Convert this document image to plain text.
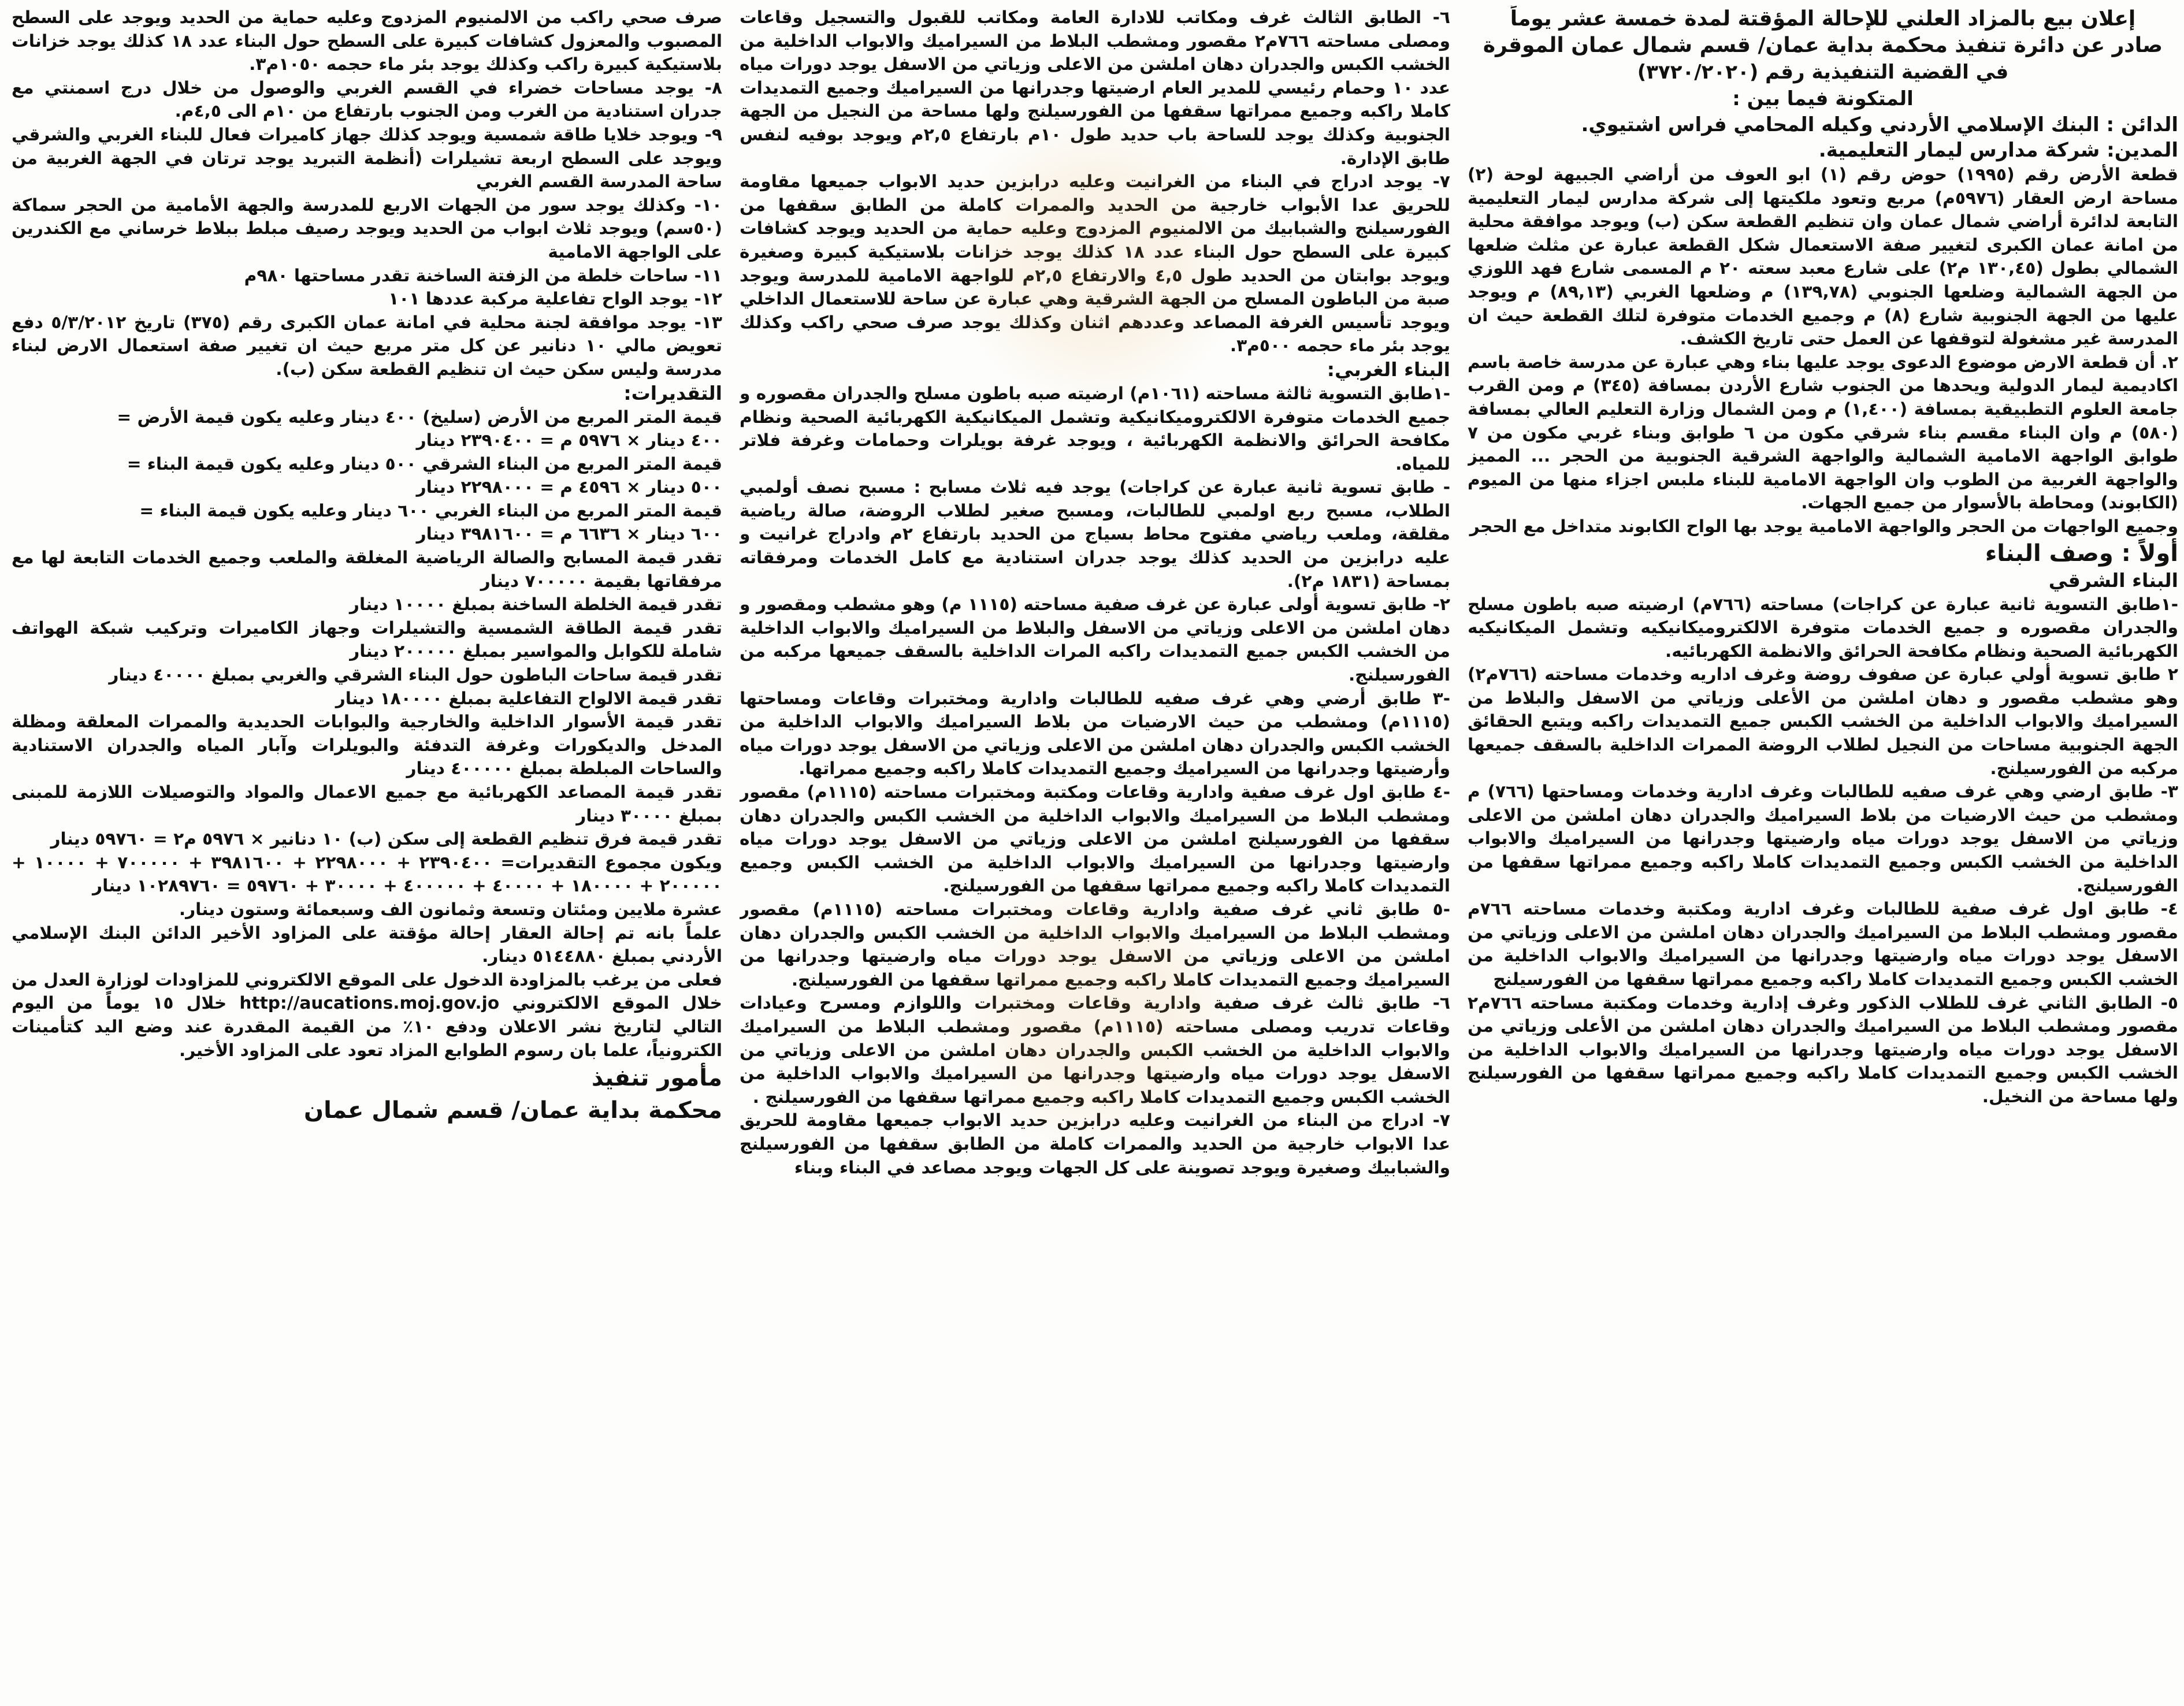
إعلان بيع بالمزاد العلني للإحالة المؤقتة لمدة خمسة عشر يوماً

صادر عن دائرة تنفيذ محكمة بداية عمان/ قسم شمال عمان الموقرة

في القضية التنفيذية رقم (٣٧٢٠/٢٠٢٠)

المتكونة فيما بين :

الدائن : البنك الإسلامي الأردني وكيله المحامي فراس اشتيوي.

المدين: شركة مدارس ليمار التعليمية.

قطعة الأرض رقم (١٩٩٥) حوض رقم (١) ابو العوف من أراضي الجبيهة لوحة (٢) مساحة ارض العقار (٥٩٧٦م) مربع وتعود ملكيتها إلى شركة مدارس ليمار التعليمية التابعة لدائرة أراضي شمال عمان وان تنظيم القطعة سكن (ب) ويوجد موافقة محلية من امانة عمان الكبرى لتغيير صفة الاستعمال شكل القطعة عبارة عن مثلث ضلعها الشمالي بطول (١٣٠,٤٥ م٢) على شارع معبد سعته ٢٠ م المسمى شارع فهد اللوزي من الجهة الشمالية وضلعها الجنوبي (١٣٩,٧٨) م وضلعها الغربي (٨٩,١٣) م ويوجد عليها من الجهة الجنوبية شارع (٨) م وجميع الخدمات متوفرة لتلك القطعة حيث ان المدرسة غير مشغولة لتوقفها عن العمل حتى تاريخ الكشف.

٢. أن قطعة الارض موضوع الدعوى يوجد عليها بناء وهي عبارة عن مدرسة خاصة باسم اكاديمية ليمار الدولية ويحدها من الجنوب شارع الأردن بمسافة (٣٤٥) م ومن القرب جامعة العلوم التطبيقية بمسافة (١,٤٠٠) م ومن الشمال وزارة التعليم العالي بمسافة (٥٨٠) م وان البناء مقسم بناء شرقي مكون من ٦ طوابق وبناء غربي مكون من ٧ طوابق الواجهة الامامية الشمالية والواجهة الشرقية الجنوبية من الحجر ... المميز والواجهة الغربية من الطوب وان الواجهة الامامية للبناء ملبس اجزاء منها من الميوم (الكابوند) ومحاطة بالأسوار من جميع الجهات.

وجميع الواجهات من الحجر والواجهة الامامية يوجد بها الواح الكابوند متداخل مع الحجر

أولاً : وصف البناء

البناء الشرقي

-١طابق التسوية ثانية عبارة عن كراجات) مساحته (٧٦٦م) ارضيته صبه باطون مسلح والجدران مقصوره و جميع الخدمات متوفرة الالكتروميكانيكيه وتشمل الميكانيكيه الكهربائية الصحية ونظام مكافحة الحرائق والانظمة الكهربائيه.

٢ طابق تسوية أولي عبارة عن صفوف روضة وغرف اداريه وخدمات مساحته (٧٦٦م٢) وهو مشطب مقصور و دهان املشن من الأعلى وزياتي من الاسفل والبلاط من السيراميك والابواب الداخلية من الخشب الكبس جميع التمديدات راكبه ويتبع الحقائق الجهة الجنوبية مساحات من النجيل لطلاب الروضة الممرات الداخلية بالسقف جميعها مركبه من الفورسيلنج.

٣- طابق ارضي وهي غرف صفيه للطالبات وغرف ادارية وخدمات ومساحتها (٧٦٦) م ومشطب من حيث الارضيات من بلاط السيراميك والجدران دهان املشن من الاعلى وزياتي من الاسفل يوجد دورات مياه وارضيتها وجدرانها من السيراميك والابواب الداخلية من الخشب الكبس وجميع التمديدات كاملا راكبه وجميع ممراتها سقفها من الفورسيلنج.

٤- طابق اول غرف صفية للطالبات وغرف ادارية ومكتبة وخدمات مساحته ٧٦٦م مقصور ومشطب البلاط من السيراميك والجدران دهان املشن من الاعلى وزياتي من الاسفل يوجد دورات مياه وارضيتها وجدرانها من السيراميك والابواب الداخلية من الخشب الكبس وجميع التمديدات كاملا راكبه وجميع ممراتها سقفها من الفورسيلنج

٥- الطابق الثاني غرف للطلاب الذكور وغرف إدارية وخدمات ومكتبة مساحته ٧٦٦م٢ مقصور ومشطب البلاط من السيراميك والجدران دهان املشن من الأعلى وزياتي من الاسفل يوجد دورات مياه وارضيتها وجدرانها من السيراميك والابواب الداخلية من الخشب الكبس وجميع التمديدات كاملا راكبه وجميع ممراتها سقفها من الفورسيلنج ولها مساحة من النخيل.

٦- الطابق الثالث غرف ومكاتب للادارة العامة ومكاتب للقبول والتسجيل وقاعات ومصلى مساحته ٧٦٦م٢ مقصور ومشطب البلاط من السيراميك والابواب الداخلية من الخشب الكبس والجدران دهان املشن من الاعلى وزياتي من الاسفل يوجد دورات مياه عدد ١٠ وحمام رئيسي للمدير العام ارضيتها وجدرانها من السيراميك وجميع التمديدات كاملا راكبه وجميع ممراتها سقفها من الفورسيلنج ولها مساحة من النجيل من الجهة الجنوبية وكذلك يوجد للساحة باب حديد طول ١٠م بارتفاع ٢,٥م ويوجد بوفيه لنفس طابق الإدارة.

٧- يوجد ادراج في البناء من الغرانيت وعليه درابزين حديد الابواب جميعها مقاومة للحريق عدا الأبواب خارجية من الحديد والممرات كاملة من الطابق سقفها من الفورسيلنج والشبابيك من الالمنيوم المزدوج وعليه حماية من الحديد ويوجد كشافات كبيرة على السطح حول البناء عدد ١٨ كذلك يوجد خزانات بلاستيكية كبيرة وصغيرة ويوجد بوابتان من الحديد طول ٤,٥ والارتفاع ٢,٥م للواجهة الامامية للمدرسة ويوجد صبة من الباطون المسلح من الجهة الشرقية وهي عبارة عن ساحة للاستعمال الداخلي ويوجد تأسيس الغرفة المصاعد وعددهم اثنان وكذلك يوجد صرف صحي راكب وكذلك يوجد بئر ماء حجمه ٥٠٠م٣.

البناء الغربي:

-١طابق التسوية ثالثة مساحته (١٠٦١م) ارضيته صبه باطون مسلح والجدران مقصوره و جميع الخدمات متوفرة الالكتروميكانيكية وتشمل الميكانيكية الكهربائية الصحية ونظام مكافحة الحرائق والانظمة الكهربائية ، ويوجد غرفة بويلرات وحمامات وغرفة فلاتر للمياه.

- طابق تسوية ثانية عبارة عن كراجات) يوجد فيه ثلاث مسابح : مسبح نصف أولمبي الطلاب، مسبح ربع اولمبي للطالبات، ومسبح صغير لطلاب الروضة، صالة رياضية مقلقة، وملعب رياضي مفتوح محاط بسياج من الحديد بارتفاع ٢م وادراج غرانيت و عليه درابزين من الحديد كذلك يوجد جدران استنادية مع كامل الخدمات ومرفقاته بمساحة (١٨٣١ م٢).

٢- طابق تسوية أولى عبارة عن غرف صفية مساحته (١١١٥ م) وهو مشطب ومقصور و دهان املشن من الاعلى وزياتي من الاسفل والبلاط من السيراميك والابواب الداخلية من الخشب الكبس جميع التمديدات راكبه المرات الداخلية بالسقف جميعها مركبه من الفورسيلنج.

-٣ طابق أرضي وهي غرف صفيه للطالبات وادارية ومختبرات وقاعات ومساحتها (١١١٥م) ومشطب من حيث الارضيات من بلاط السيراميك والابواب الداخلية من الخشب الكبس والجدران دهان املشن من الاعلى وزياتي من الاسفل يوجد دورات مياه وأرضيتها وجدرانها من السيراميك وجميع التمديدات كاملا راكبه وجميع ممراتها.

-٤ طابق اول غرف صفية وادارية وقاعات ومكتبة ومختبرات مساحته (١١١٥م) مقصور ومشطب البلاط من السيراميك والابواب الداخلية من الخشب الكبس والجدران دهان سقفها من الفورسيلنج املشن من الاعلى وزياتي من الاسفل يوجد دورات مياه وارضيتها وجدرانها من السيراميك والابواب الداخلية من الخشب الكبس وجميع التمديدات كاملا راكبه وجميع ممراتها سقفها من الفورسيلنج.

-٥ طابق ثاني غرف صفية وادارية وقاعات ومختبرات مساحته (١١١٥م) مقصور ومشطب البلاط من السيراميك والابواب الداخلية من الخشب الكبس والجدران دهان املشن من الاعلى وزياتي من الاسفل يوجد دورات مياه وارضيتها وجدرانها من السيراميك وجميع التمديدات كاملا راكبه وجميع ممراتها سقفها من الفورسيلنج.

٦- طابق ثالث غرف صفية وادارية وقاعات ومختبرات واللوازم ومسرح وعيادات وقاعات تدريب ومصلى مساحته (١١١٥م) مقصور ومشطب البلاط من السيراميك والابواب الداخلية من الخشب الكبس والجدران دهان املشن من الاعلى وزياتي من الاسفل يوجد دورات مياه وارضيتها وجدرانها من السيراميك والابواب الداخلية من الخشب الكبس وجميع التمديدات كاملا راكبه وجميع ممراتها سقفها من الفورسيلنج .

٧- ادراج من البناء من الغرانيت وعليه درابزين حديد الابواب جميعها مقاومة للحريق عدا الابواب خارجية من الحديد والممرات كاملة من الطابق سقفها من الفورسيلنج والشبابيك وصغيرة ويوجد تصوينة على كل الجهات ويوجد مصاعد في البناء وبناء

صرف صحي راكب من الالمنيوم المزدوج وعليه حماية من الحديد ويوجد على السطح المصبوب والمعزول كشافات كبيرة على السطح حول البناء عدد ١٨ كذلك يوجد خزانات بلاستيكية كبيرة راكب وكذلك يوجد بئر ماء حجمه ١٠٥٠م٣.

٨- يوجد مساحات خضراء في القسم الغربي والوصول من خلال درج اسمنتي مع جدران استنادية من الغرب ومن الجنوب بارتفاع من ١٠م الى ٤,٥م.

٩- ويوجد خلايا طاقة شمسية ويوجد كذلك جهاز كاميرات فعال للبناء الغربي والشرقي ويوجد على السطح اربعة تشيلرات (أنظمة التبريد يوجد ترتان في الجهة الغربية من ساحة المدرسة القسم الغربي

١٠- وكذلك يوجد سور من الجهات الاربع للمدرسة والجهة الأمامية من الحجر سماكة (٥٠سم) ويوجد ثلاث ابواب من الحديد ويوجد رصيف مبلط ببلاط خرساني مع الكندرين على الواجهة الامامية

١١- ساحات خلطة من الزفتة الساخنة تقدر مساحتها ٩٨٠م

١٢- يوجد الواح تفاعلية مركبة عددها ١٠١

١٣- يوجد موافقة لجنة محلية في امانة عمان الكبرى رقم (٣٧٥) تاريخ ٥/٣/٢٠١٢ دفع تعويض مالي ١٠ دنانير عن كل متر مربع حيث ان تغيير صفة استعمال الارض لبناء مدرسة وليس سكن حيث ان تنظيم القطعة سكن (ب).

التقديرات:

قيمة المتر المربع من الأرض (سليخ) ٤٠٠ دينار وعليه يكون قيمة الأرض =

٤٠٠ دينار × ٥٩٧٦ م = ٢٣٩٠٤٠٠ دينار

قيمة المتر المربع من البناء الشرقي ٥٠٠ دينار وعليه يكون قيمة البناء =

٥٠٠ دينار × ٤٥٩٦ م = ٢٢٩٨٠٠٠ دينار

قيمة المتر المربع من البناء الغربي ٦٠٠ دينار وعليه يكون قيمة البناء =

٦٠٠ دينار × ٦٦٣٦ م = ٣٩٨١٦٠٠ دينار

تقدر قيمة المسابح والصالة الرياضية المغلقة والملعب وجميع الخدمات التابعة لها مع مرفقاتها بقيمة ٧٠٠٠٠٠ دينار

تقدر قيمة الخلطة الساخنة بمبلغ ١٠٠٠٠ دينار

تقدر قيمة الطاقة الشمسية والتشيلرات وجهاز الكاميرات وتركيب شبكة الهواتف شاملة للكوابل والمواسير بمبلغ ٢٠٠٠٠٠ دينار

تقدر قيمة ساحات الباطون حول البناء الشرقي والغربي بمبلغ ٤٠٠٠٠ دينار

تقدر قيمة الالواح التفاعلية بمبلغ ١٨٠٠٠٠ دينار

تقدر قيمة الأسوار الداخلية والخارجية والبوابات الحديدية والممرات المعلقة ومظلة المدخل والديكورات وغرفة التدفئة والبويلرات وآبار المياه والجدران الاستنادية والساحات المبلطة بمبلغ ٤٠٠٠٠٠ دينار

تقدر قيمة المصاعد الكهربائية مع جميع الاعمال والمواد والتوصيلات اللازمة للمبنى بمبلغ ٣٠٠٠٠ دينار

تقدر قيمة فرق تنظيم القطعة إلى سكن (ب) ١٠ دنانير × ٥٩٧٦ م٢ = ٥٩٧٦٠ دينار

ويكون مجموع التقديرات= ٢٣٩٠٤٠٠ + ٢٢٩٨٠٠٠ + ٣٩٨١٦٠٠ + ٧٠٠٠٠٠ + ١٠٠٠٠ + ٢٠٠٠٠٠ + ١٨٠٠٠٠ + ٤٠٠٠٠ + ٤٠٠٠٠٠ + ٣٠٠٠٠ + ٥٩٧٦٠ = ١٠٢٨٩٧٦٠ دينار

عشرة ملايين ومئتان وتسعة وثمانون الف وسبعمائة وستون دينار.

علماً بانه تم إحالة العقار إحالة مؤقتة على المزاود الأخير الدائن البنك الإسلامي الأردني بمبلغ ٥١٤٤٨٨٠ دينار.

فعلى من يرغب بالمزاودة الدخول على الموقع الالكتروني للمزاودات لوزارة العدل من خلال الموقع الالكتروني http://aucations.moj.gov.jo خلال ١٥ يوماً من اليوم التالي لتاريخ نشر الاعلان ودفع ١٠٪ من القيمة المقدرة عند وضع اليد كتأمينات الكترونياً، علما بان رسوم الطوابع المزاد تعود على المزاود الأخير.

مأمور تنفيذ

محكمة بداية عمان/ قسم شمال عمان
